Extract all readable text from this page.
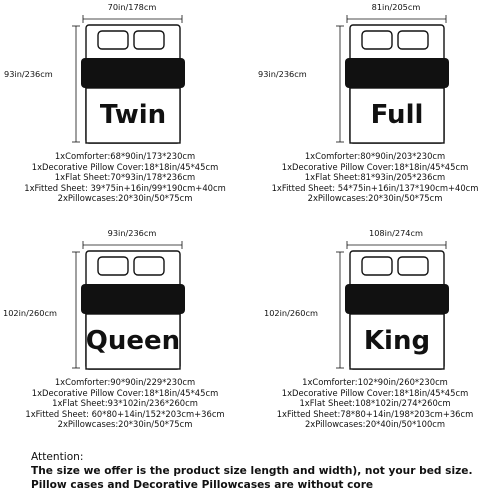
70in/178cm
93in/236cm
Twin
1xComforter:68*90in/173*230cm
1xDecorative Pillow Cover:18*18in/45*45cm
1xFlat Sheet:70*93in/178*236cm
1xFitted Sheet: 39*75in+16in/99*190cm+40cm
2xPillowcases:20*30in/50*75cm
81in/205cm
93in/236cm
Full
1xComforter:80*90in/203*230cm
1xDecorative Pillow Cover:18*18in/45*45cm
1xFlat Sheet:81*93in/205*236cm
1xFitted Sheet: 54*75in+16in/137*190cm+40cm
2xPillowcases:20*30in/50*75cm
93in/236cm
102in/260cm
Queen
1xComforter:90*90in/229*230cm
1xDecorative Pillow Cover:18*18in/45*45cm
1xFlat Sheet:93*102in/236*260cm
1xFitted Sheet: 60*80+14in/152*203cm+36cm
2xPillowcases:20*30in/50*75cm
108in/274cm
102in/260cm
King
1xComforter:102*90in/260*230cm
1xDecorative Pillow Cover:18*18in/45*45cm
1xFlat Sheet:108*102in/274*260cm
1xFitted Sheet:78*80+14in/198*203cm+36cm
2xPillowcases:20*40in/50*100cm
Attention:
The size we offer is the product size length and width), not your bed size.
Pillow cases and Decorative Pillowcases are without core
